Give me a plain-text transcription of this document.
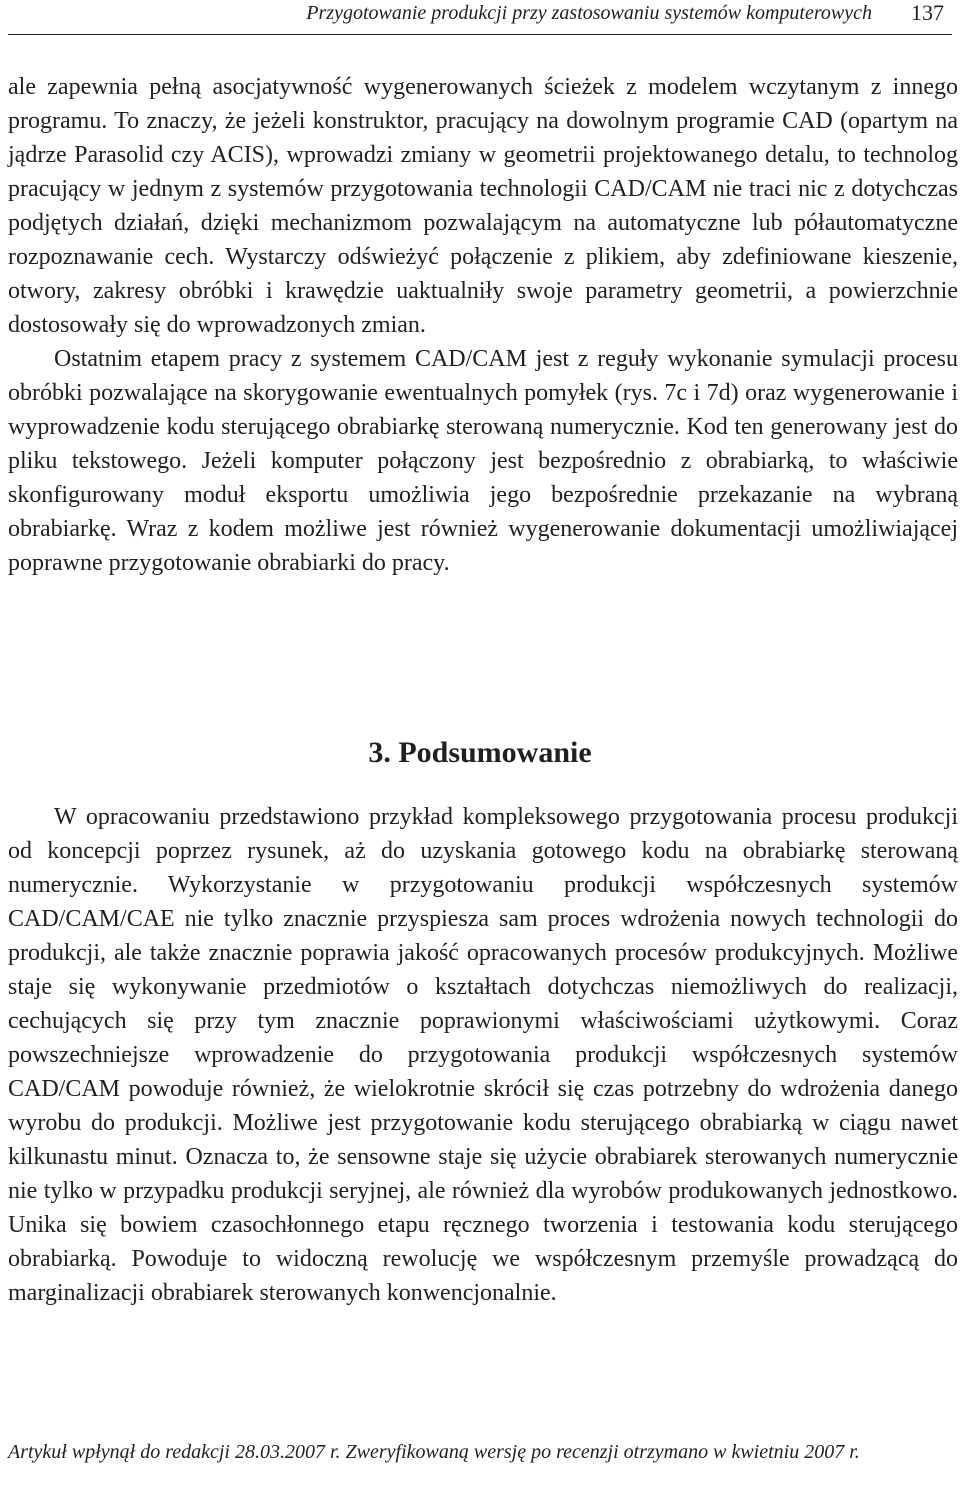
Przygotowanie produkcji przy zastosowaniu systemów komputerowych 137

ale zapewnia pełną asocjatywność wygenerowanych ścieżek z modelem wczytanym z innego programu. To znaczy, że jeżeli konstruktor, pracujący na dowolnym programie CAD (opartym na jądrze Parasolid czy ACIS), wprowadzi zmiany w geometrii projektowanego detalu, to technolog pracujący w jednym z systemów przygotowania technologii CAD/CAM nie traci nic z dotychczas podjętych działań, dzięki mechanizmom pozwalającym na automatyczne lub półautomatyczne rozpoznawanie cech. Wystarczy odświeżyć połączenie z plikiem, aby zdefiniowane kieszenie, otwory, zakresy obróbki i krawędzie uaktualniły swoje parametry geometrii, a powierzchnie dostosowały się do wprowadzonych zmian.

Ostatnim etapem pracy z systemem CAD/CAM jest z reguły wykonanie symulacji procesu obróbki pozwalające na skorygowanie ewentualnych pomyłek (rys. 7c i 7d) oraz wygenerowanie i wyprowadzenie kodu sterującego obrabiarkę sterowaną numerycznie. Kod ten generowany jest do pliku tekstowego. Jeżeli komputer połączony jest bezpośrednio z obrabiarką, to właściwie skonfigurowany moduł eksportu umożliwia jego bezpośrednie przekazanie na wybraną obrabiarkę. Wraz z kodem możliwe jest również wygenerowanie dokumentacji umożliwiającej poprawne przygotowanie obrabiarki do pracy.

3. Podsumowanie

W opracowaniu przedstawiono przykład kompleksowego przygotowania procesu produkcji od koncepcji poprzez rysunek, aż do uzyskania gotowego kodu na obrabiarkę sterowaną numerycznie. Wykorzystanie w przygotowaniu produkcji współczesnych systemów CAD/CAM/CAE nie tylko znacznie przyspiesza sam proces wdrożenia nowych technologii do produkcji, ale także znacznie poprawia jakość opracowanych procesów produkcyjnych. Możliwe staje się wykonywanie przedmiotów o kształtach dotychczas niemożliwych do realizacji, cechujących się przy tym znacznie poprawionymi właściwościami użytkowymi. Coraz powszechniejsze wprowadzenie do przygotowania produkcji współczesnych systemów CAD/CAM powoduje również, że wielokrotnie skrócił się czas potrzebny do wdrożenia danego wyrobu do produkcji. Możliwe jest przygotowanie kodu sterującego obrabiarką w ciągu nawet kilkunastu minut. Oznacza to, że sensowne staje się użycie obrabiarek sterowanych numerycznie nie tylko w przypadku produkcji seryjnej, ale również dla wyrobów produkowanych jednostkowo. Unika się bowiem czasochłonnego etapu ręcznego tworzenia i testowania kodu sterującego obrabiarką. Powoduje to widoczną rewolucję we współczesnym przemyśle prowadzącą do marginalizacji obrabiarek sterowanych konwencjonalnie.

Artykuł wpłynął do redakcji 28.03.2007 r. Zweryfikowaną wersję po recenzji otrzymano w kwietniu 2007 r.
